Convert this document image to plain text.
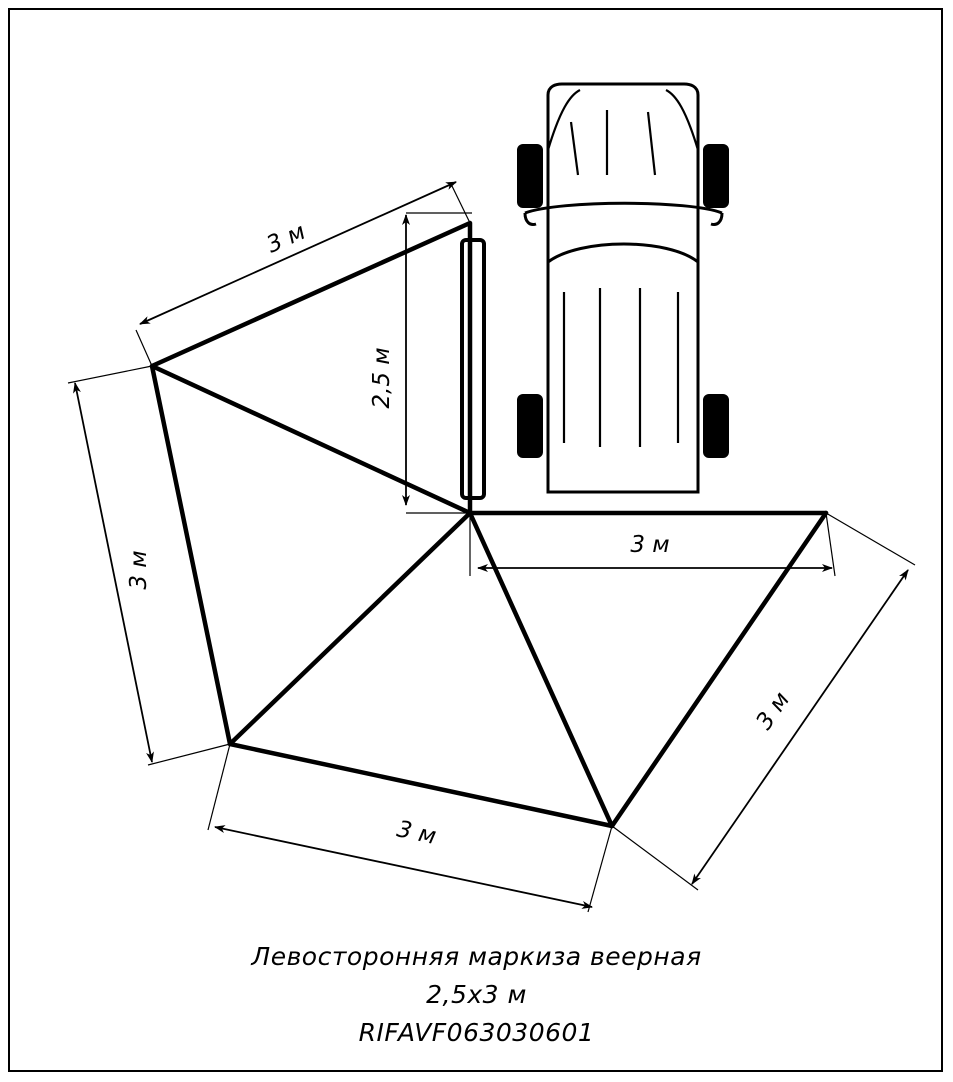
3 м
2,5 м
3 м
3 м
3 м
3 м
Левосторонняя маркиза веерная
2,5х3 м
RIFAVF063030601
